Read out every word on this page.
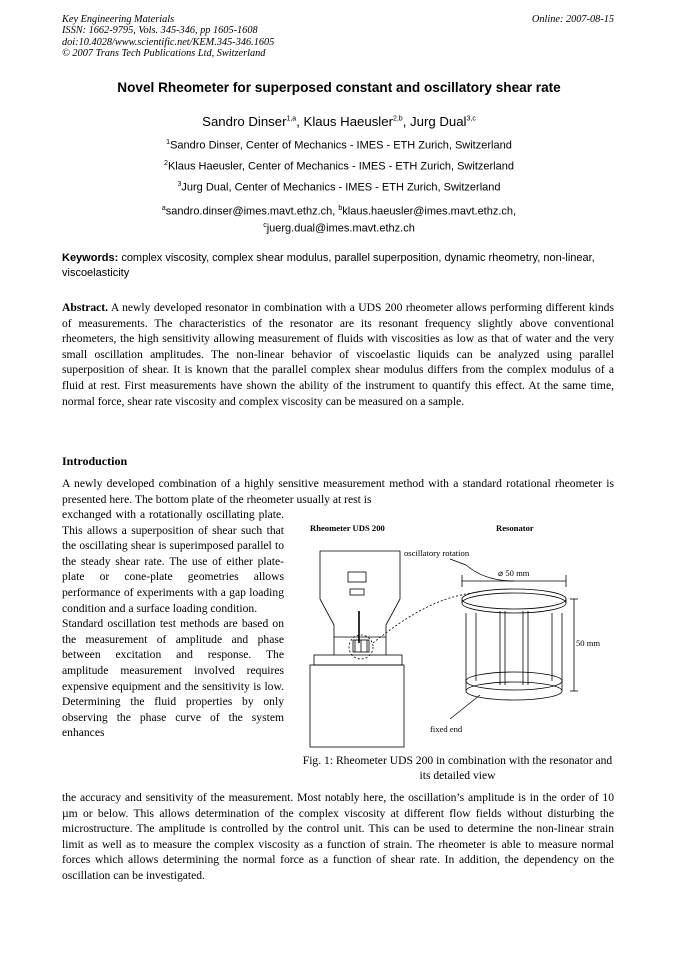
Key Engineering Materials
ISSN: 1662-9795, Vols. 345-346, pp 1605-1608
doi:10.4028/www.scientific.net/KEM.345-346.1605
© 2007 Trans Tech Publications Ltd, Switzerland
Online: 2007-08-15
Novel Rheometer for superposed constant and oscillatory shear rate
Sandro Dinser$^{1,a}$, Klaus Haeusler$^{2,b}$, Jurg Dual$^{3,c}$
$^1$Sandro Dinser, Center of Mechanics - IMES - ETH Zurich, Switzerland
$^2$Klaus Haeusler, Center of Mechanics - IMES - ETH Zurich, Switzerland
$^3$Jurg Dual, Center of Mechanics - IMES - ETH Zurich, Switzerland
$^a$sandro.dinser@imes.mavt.ethz.ch, $^b$klaus.haeusler@imes.mavt.ethz.ch,
$^c$juerg.dual@imes.mavt.ethz.ch
Keywords: complex viscosity, complex shear modulus, parallel superposition, dynamic rheometry, non-linear, viscoelasticity
Abstract. A newly developed resonator in combination with a UDS 200 rheometer allows performing different kinds of measurements. The characteristics of the resonator are its resonant frequency slightly above conventional rheometers, the high sensitivity allowing measurement of fluids with viscosities as low as that of water and the very small oscillation amplitudes. The non-linear behavior of viscoelastic liquids can be analyzed using parallel superposition of shear. It is known that the parallel complex shear modulus differs from the complex modulus of a fluid at rest. First measurements have shown the ability of the instrument to quantify this effect. At the same time, normal force, shear rate viscosity and complex viscosity can be measured on a sample.
Introduction
A newly developed combination of a highly sensitive measurement method with a standard rotational rheometer is presented here. The bottom plate of the rheometer usually at rest is

exchanged with a rotationally oscillating plate. This allows a superposition of shear such that the oscillating shear is superimposed parallel to the steady shear rate. The use of either plate-plate or cone-plate geometries allows performance of experiments with a gap loading condition and a surface loading condition.

Standard oscillation test methods are based on the measurement of amplitude and phase between excitation and response. The amplitude measurement involved requires expensive equipment and the sensitivity is low. Determining the fluid properties by only observing the phase curve of the system enhances

the accuracy and sensitivity of the measurement. Most notably here, the oscillation’s amplitude is in the order of 10 µm or below. This allows determination of the complex viscosity at different flow fields without disturbing the microstructure. The amplitude is controlled by the control unit. This can be used to determine the non-linear strain limit as well as to measure the complex viscosity as a function of strain. The rheometer is able to measure normal forces which allows determining the normal force as a function of shear rate. In addition, the dependency on the oscillation can be investigated.
Rheometer UDS 200	Resonator
oscillatory rotation
⌀ 50 mm
50 mm
fixed end
Fig. 1: Rheometer UDS 200 in combination with the resonator and its detailed view
